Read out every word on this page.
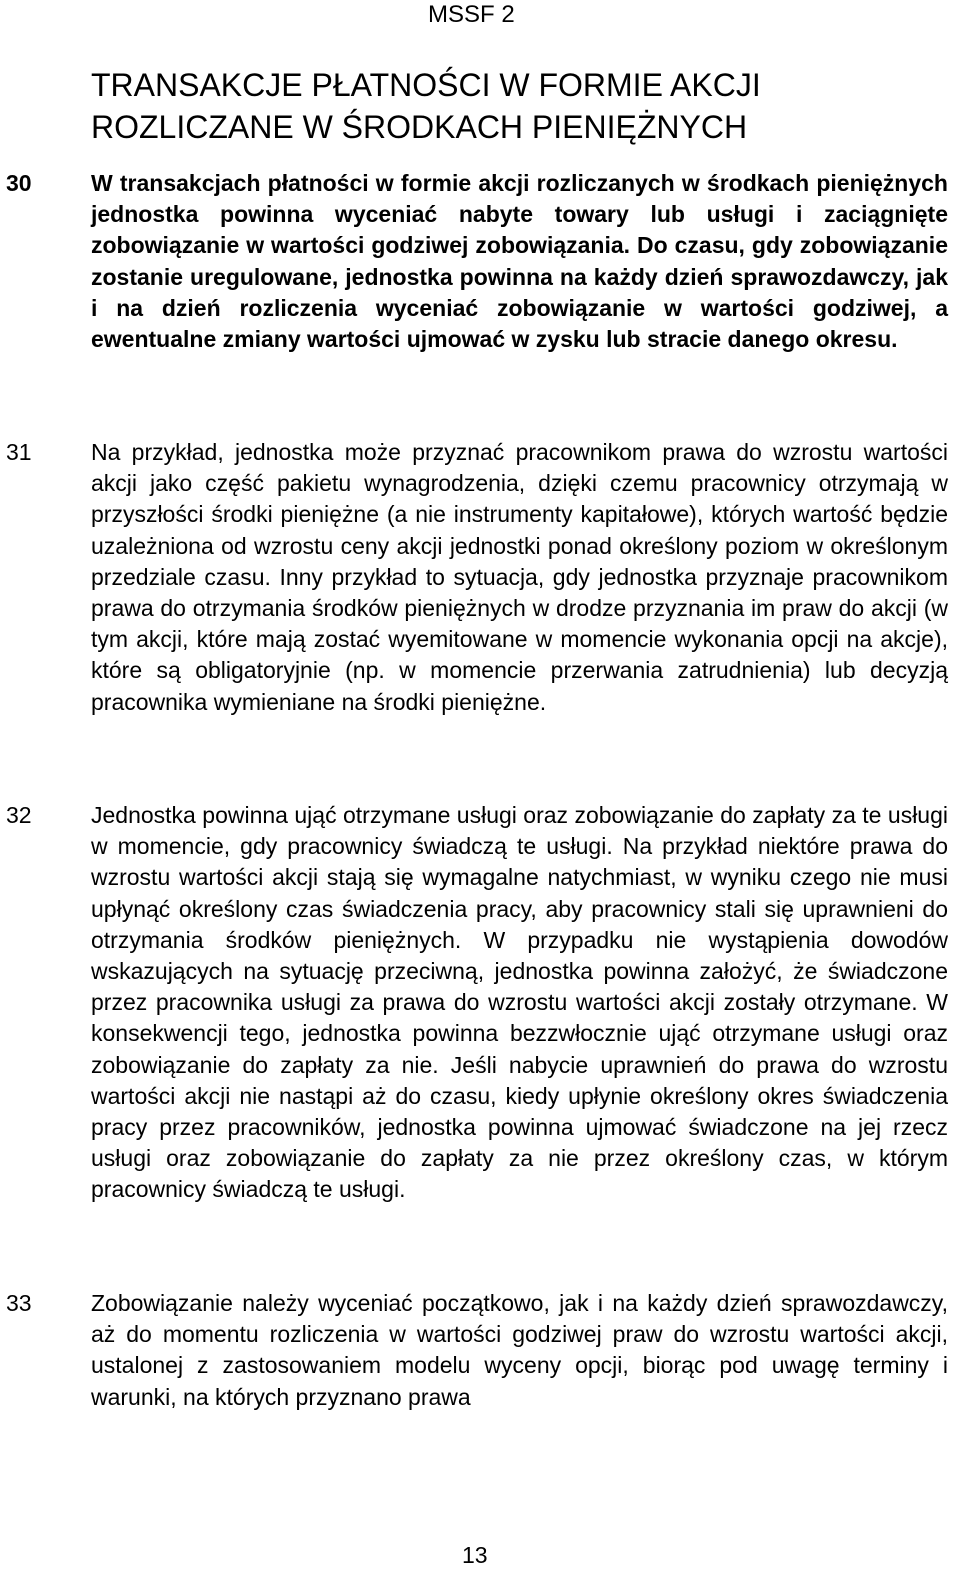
MSSF 2
TRANSAKCJE PŁATNOŚCI W FORMIE AKCJI ROZLICZANE W ŚRODKACH PIENIĘŻNYCH
30	W transakcjach płatności w formie akcji rozliczanych w środkach pieniężnych jednostka powinna wyceniać nabyte towary lub usługi i zaciągnięte zobowiązanie w wartości godziwej zobowiązania. Do czasu, gdy zobowiązanie zostanie uregulowane, jednostka powinna na każdy dzień sprawozdawczy, jak i na dzień rozliczenia wyceniać zobowiązanie w wartości godziwej, a ewentualne zmiany wartości ujmować w zysku lub stracie danego okresu.
31	Na przykład, jednostka może przyznać pracownikom prawa do wzrostu wartości akcji jako część pakietu wynagrodzenia, dzięki czemu pracownicy otrzymają w przyszłości środki pieniężne (a nie instrumenty kapitałowe), których wartość będzie uzależniona od wzrostu ceny akcji jednostki ponad określony poziom w określonym przedziale czasu. Inny przykład to sytuacja, gdy jednostka przyznaje pracownikom prawa do otrzymania środków pieniężnych w drodze przyznania im praw do akcji (w tym akcji, które mają zostać wyemitowane w momencie wykonania opcji na akcje), które są obligatoryjnie (np. w momencie przerwania zatrudnienia) lub decyzją pracownika wymieniane na środki pieniężne.
32	Jednostka powinna ująć otrzymane usługi oraz zobowiązanie do zapłaty za te usługi w momencie, gdy pracownicy świadczą te usługi. Na przykład niektóre prawa do wzrostu wartości akcji stają się wymagalne natychmiast, w wyniku czego nie musi upłynąć określony czas świadczenia pracy, aby pracownicy stali się uprawnieni do otrzymania środków pieniężnych. W przypadku nie wystąpienia dowodów wskazujących na sytuację przeciwną, jednostka powinna założyć, że świadczone przez pracownika usługi za prawa do wzrostu wartości akcji zostały otrzymane. W konsekwencji tego, jednostka powinna bezzwłocznie ująć otrzymane usługi oraz zobowiązanie do zapłaty za nie. Jeśli nabycie uprawnień do prawa do wzrostu wartości akcji nie nastąpi aż do czasu, kiedy upłynie określony okres świadczenia pracy przez pracowników, jednostka powinna ujmować świadczone na jej rzecz usługi oraz zobowiązanie do zapłaty za nie przez określony czas, w którym pracownicy świadczą te usługi.
33	Zobowiązanie należy wyceniać początkowo, jak i na każdy dzień sprawozdawczy, aż do momentu rozliczenia w wartości godziwej praw do wzrostu wartości akcji, ustalonej z zastosowaniem modelu wyceny opcji, biorąc pod uwagę terminy i warunki, na których przyznano prawa
13
